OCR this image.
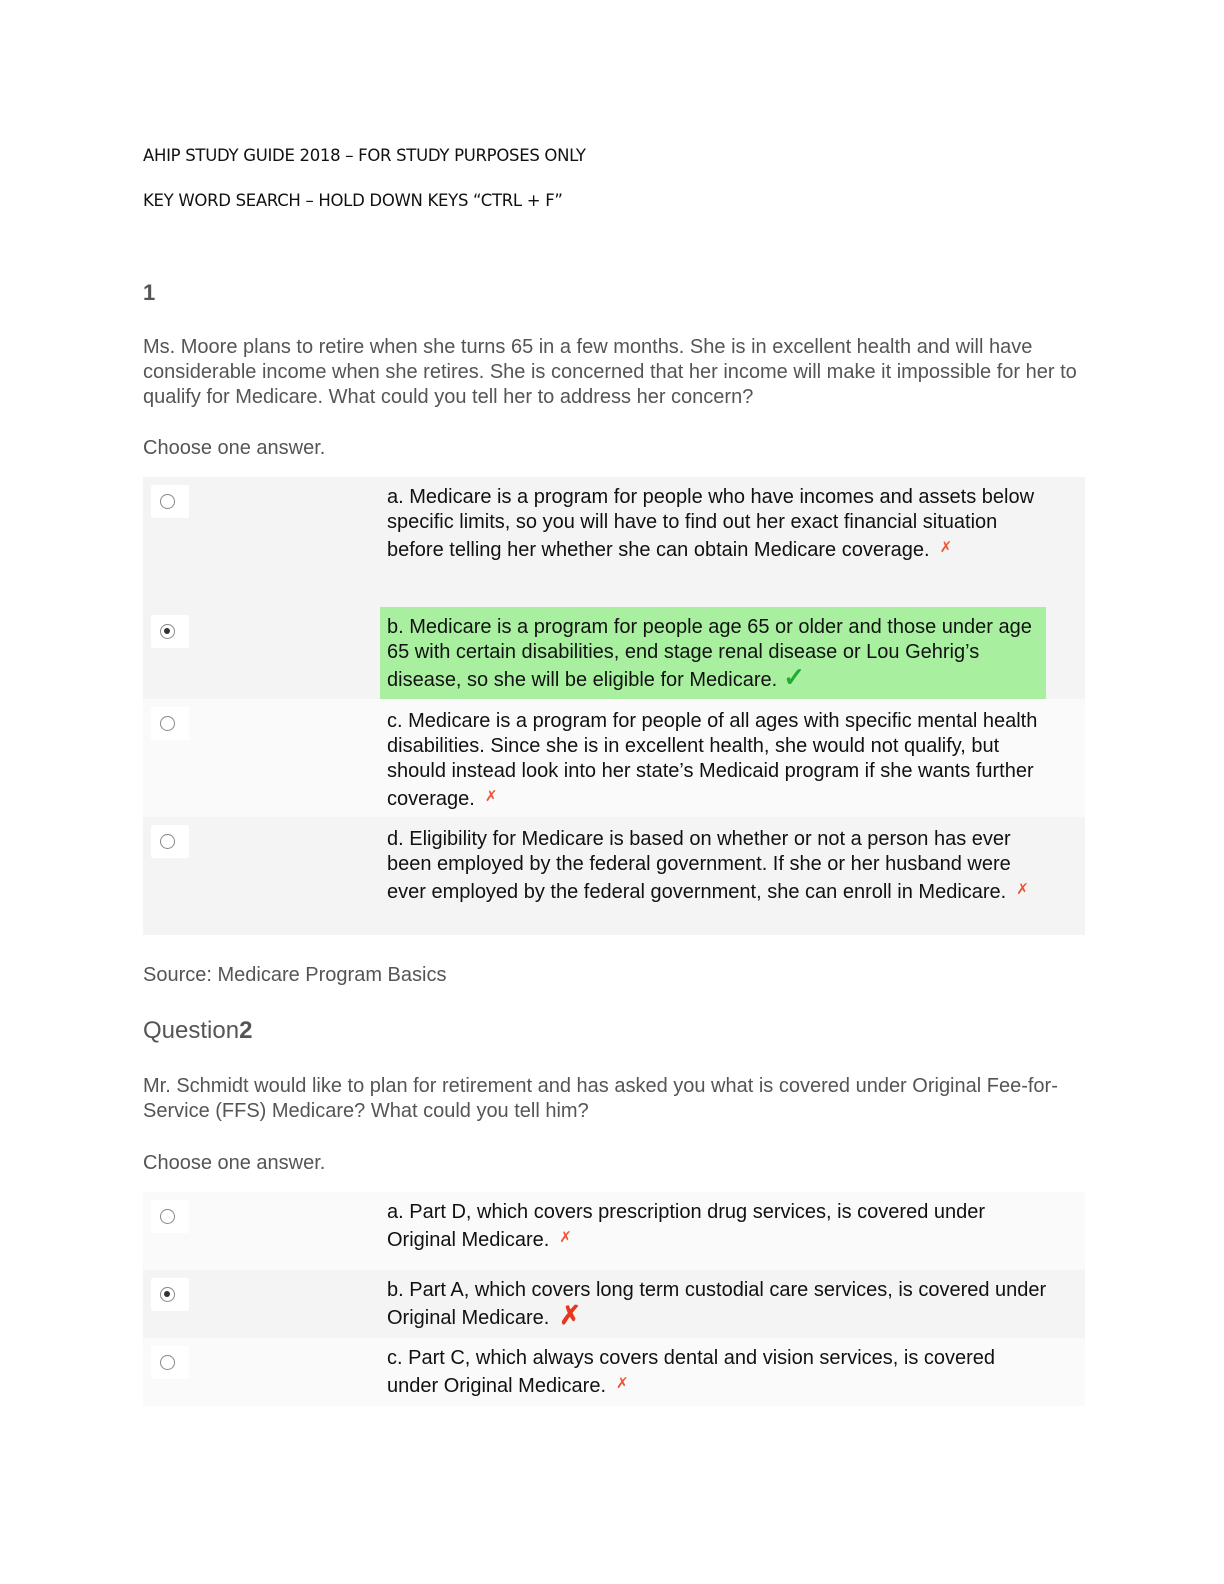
AHIP STUDY GUIDE 2018 – FOR STUDY PURPOSES ONLY
KEY WORD SEARCH – HOLD DOWN KEYS “CTRL + F”
1
Ms. Moore plans to retire when she turns 65 in a few months. She is in excellent health and will have considerable income when she retires. She is concerned that her income will make it impossible for her to qualify for Medicare. What could you tell her to address her concern?
Choose one answer.
a. Medicare is a program for people who have incomes and assets below specific limits, so you will have to find out her exact financial situation before telling her whether she can obtain Medicare coverage. ✗
b. Medicare is a program for people age 65 or older and those under age 65 with certain disabilities, end stage renal disease or Lou Gehrig’s disease, so she will be eligible for Medicare. ✓
c. Medicare is a program for people of all ages with specific mental health disabilities. Since she is in excellent health, she would not qualify, but should instead look into her state’s Medicaid program if she wants further coverage. ✗
d. Eligibility for Medicare is based on whether or not a person has ever been employed by the federal government. If she or her husband were ever employed by the federal government, she can enroll in Medicare. ✗
Source: Medicare Program Basics
Question2
Mr. Schmidt would like to plan for retirement and has asked you what is covered under Original Fee-for-Service (FFS) Medicare? What could you tell him?
Choose one answer.
a. Part D, which covers prescription drug services, is covered under Original Medicare. ✗
b. Part A, which covers long term custodial care services, is covered under Original Medicare. ✗
c. Part C, which always covers dental and vision services, is covered under Original Medicare. ✗
